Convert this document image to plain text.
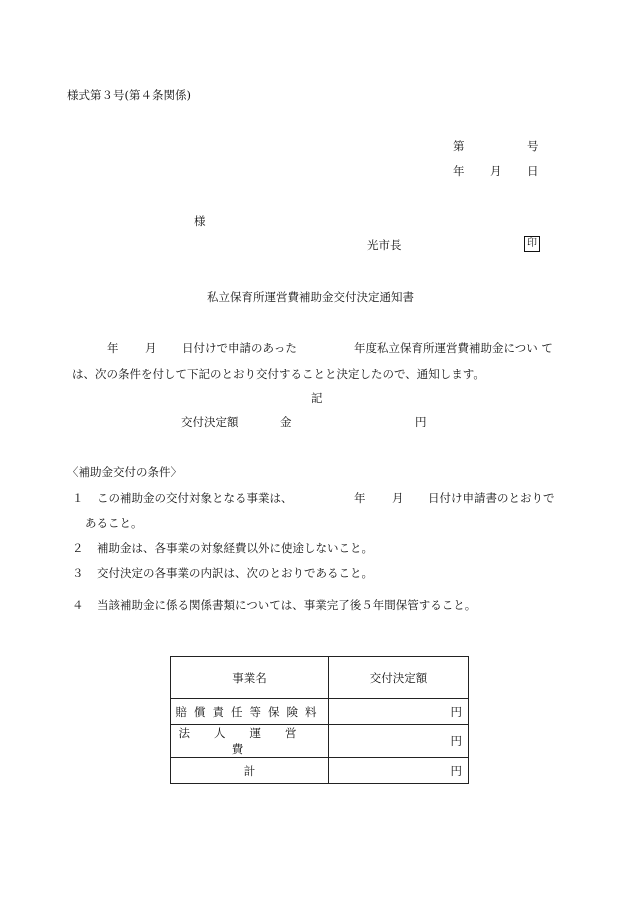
様式第３号(第４条関係)
第	号
年 月 日
様
光市長	印
私立保育所運営費補助金交付決定通知書
年 月 日付けで申請のあった	年度私立保育所運営費補助金につい て
は、次の条件を付して下記のとおり交付することと決定したので、通知します。
記
交付決定額	金	円
〈補助金交付の条件〉
１ この補助金の交付対象となる事業は、	年 月 日付け申請書のとおりで
あること。
２ 補助金は、各事業の対象経費以外に使途しないこと。
３ 交付決定の各事業の内訳は、次のとおりであること。
４ 当該補助金に係る関係書類については、事業完了後５年間保管すること。
事業名	交付決定額
賠償責任等保険料	円
法人運営費	円
計	円
